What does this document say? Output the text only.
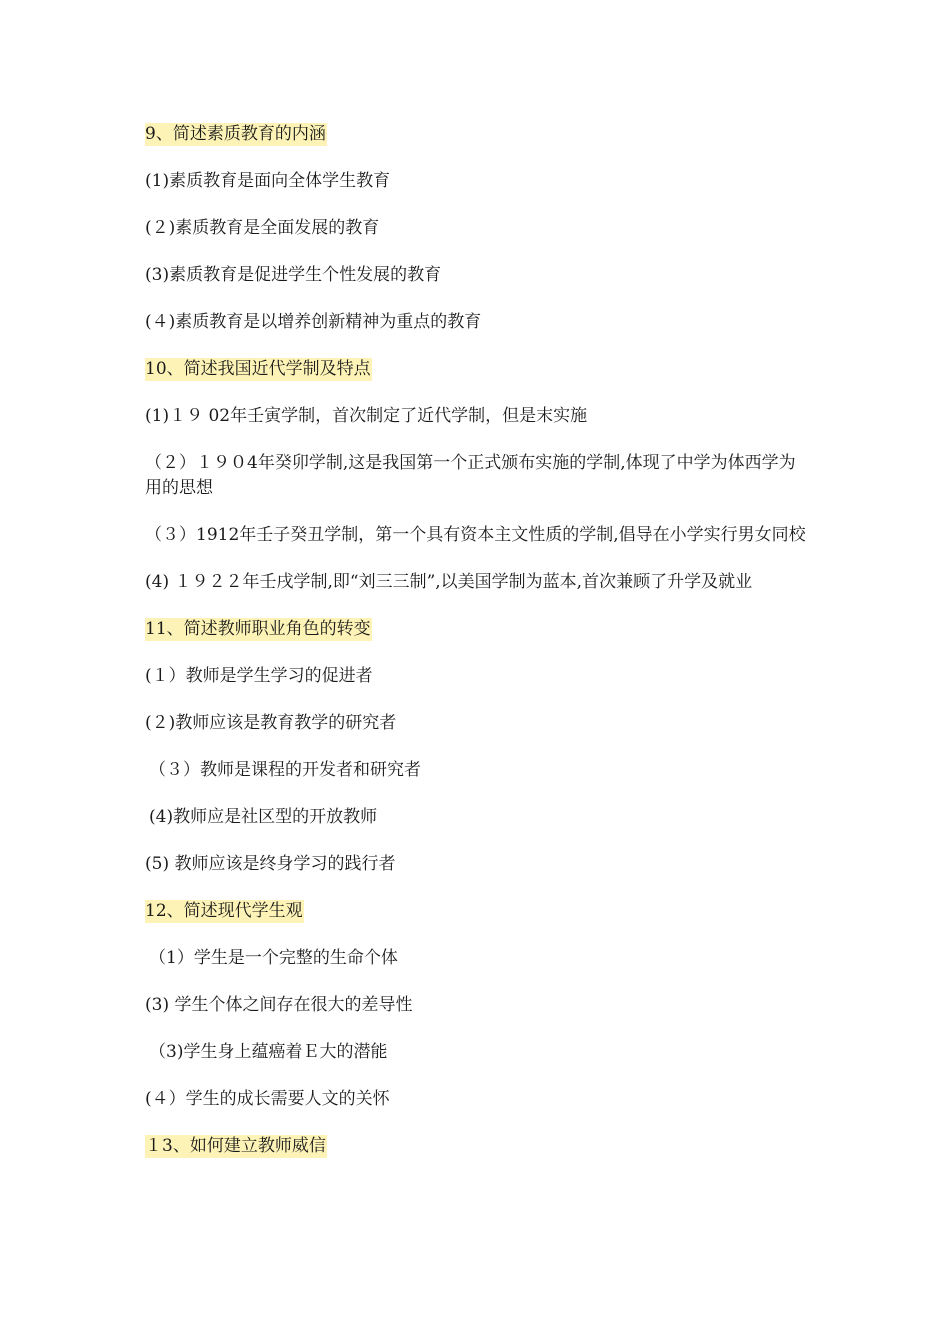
9、简述素质教育的内涵
(1)素质教育是面向全体学生教育
(２)素质教育是全面发展的教育
(3)素质教育是促进学生个性发展的教育
(４)素质教育是以增养创新精神为重点的教育
10、简述我国近代学制及特点
(1)１９ 02年壬寅学制，首次制定了近代学制，但是末实施
（２）１９０4年癸卯学制,这是我国第一个正式颁布实施的学制,体现了中学为体西学为用的思想
（３）1912年壬子癸丑学制，第一个具有资本主文性质的学制,倡导在小学实行男女同校
(4) １９２２年壬戌学制,即“刘三三制”,以美国学制为蓝本,首次兼顾了升学及就业
11、简述教师职业角色的转变
(１）教师是学生学习的促进者
(２)教师应该是教育教学的研究者
（３）教师是课程的开发者和研究者
(4)教师应是社区型的开放教师
(5) 教师应该是终身学习的践行者
12、简述现代学生观
（1）学生是一个完整的生命个体
(3) 学生个体之间存在很大的差导性
（3)学生身上蕴癌着Ｅ大的潜能
(４）学生的成长需要人文的关怀
１3、如何建立教师威信
